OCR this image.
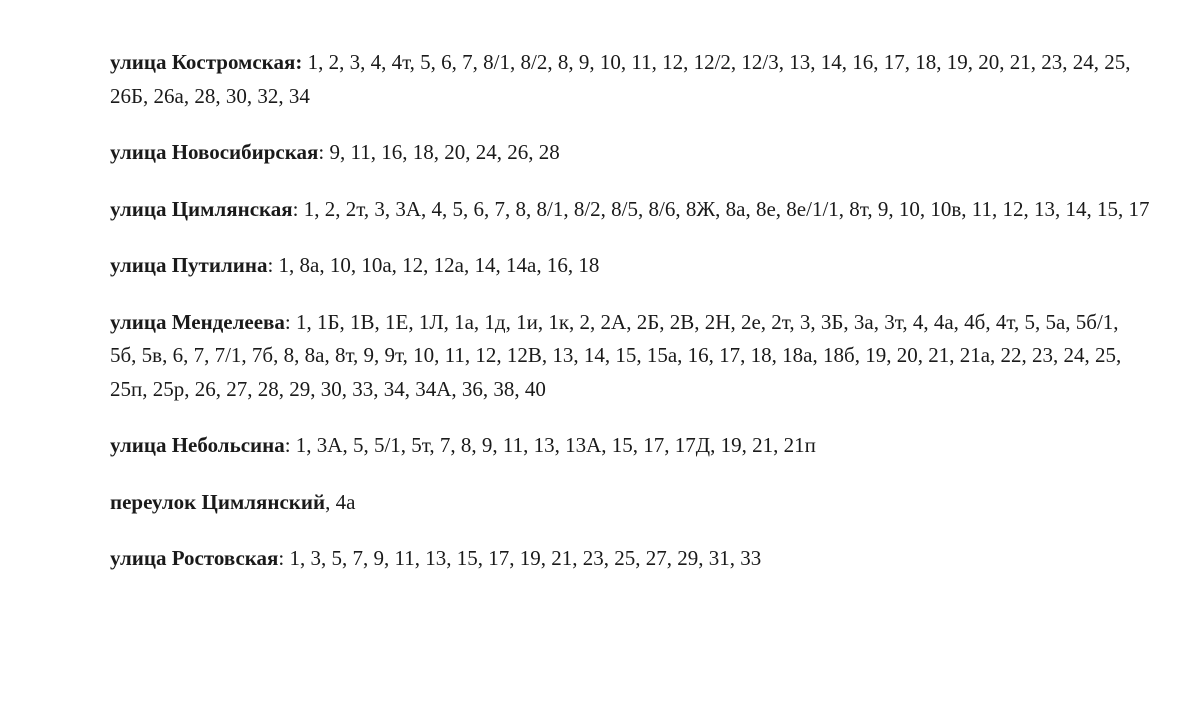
улица Костромская: 1, 2, 3, 4, 4т, 5, 6, 7, 8/1, 8/2, 8, 9, 10, 11, 12, 12/2, 12/3, 13, 14, 16, 17, 18, 19, 20, 21, 23, 24, 25, 26Б, 26а, 28, 30, 32, 34

улица Новосибирская: 9, 11, 16, 18, 20, 24, 26, 28

улица Цимлянская: 1, 2, 2т, 3, 3А, 4, 5, 6, 7, 8, 8/1, 8/2, 8/5, 8/6, 8Ж, 8а, 8е, 8е/1/1, 8т, 9, 10, 10в, 11, 12, 13, 14, 15, 17

улица Путилина: 1, 8а, 10, 10а, 12, 12а, 14, 14а, 16, 18

улица Менделеева: 1, 1Б, 1В, 1Е, 1Л, 1а, 1д, 1и, 1к, 2, 2А, 2Б, 2В, 2Н, 2е, 2т, 3, 3Б, 3а, 3т, 4, 4а, 4б, 4т, 5, 5а, 5б/1, 5б, 5в, 6, 7, 7/1, 7б, 8, 8а, 8т, 9, 9т, 10, 11, 12, 12В, 13, 14, 15, 15а, 16, 17, 18, 18а, 18б, 19, 20, 21, 21а, 22, 23, 24, 25, 25п, 25р, 26, 27, 28, 29, 30, 33, 34, 34А, 36, 38, 40

улица Небольсина: 1, 3А, 5, 5/1, 5т, 7, 8, 9, 11, 13, 13А, 15, 17, 17Д, 19, 21, 21п

переулок Цимлянский, 4а

улица Ростовская: 1, 3, 5, 7, 9, 11, 13, 15, 17, 19, 21, 23, 25, 27, 29, 31, 33
